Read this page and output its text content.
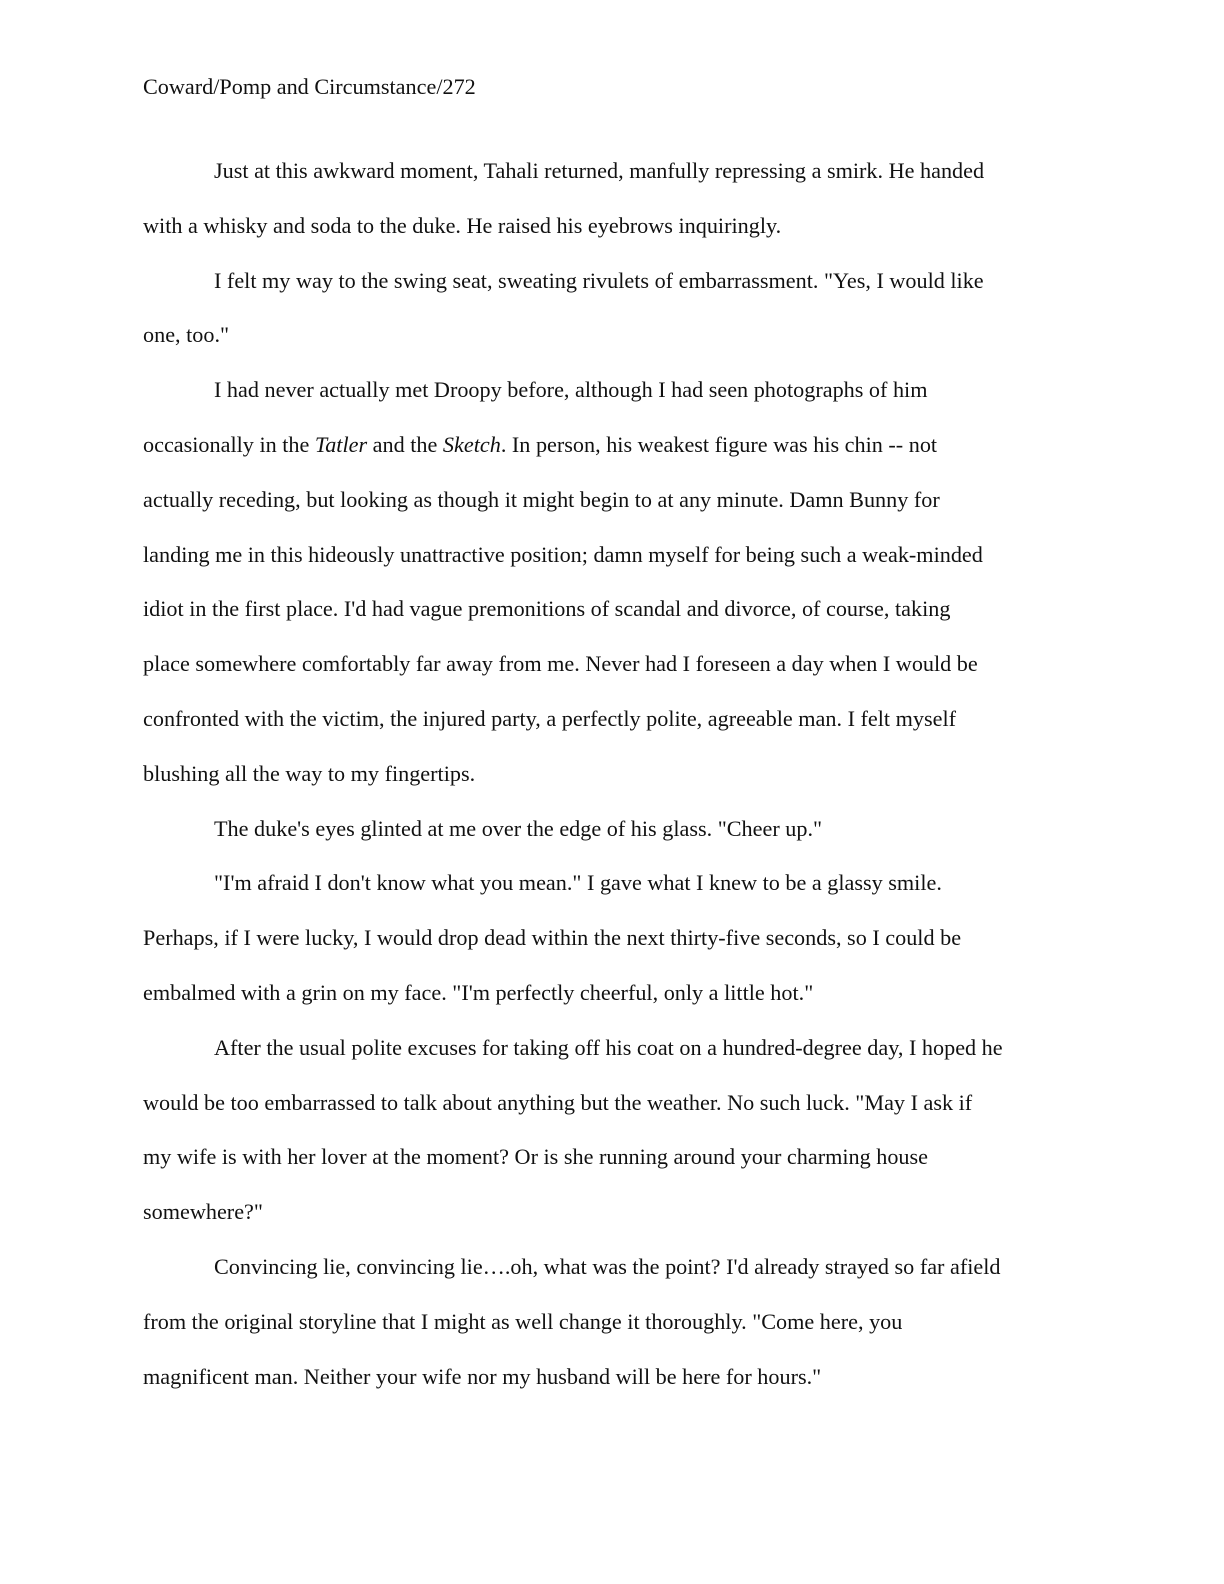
Coward/Pomp and Circumstance/272

Just at this awkward moment, Tahali returned, manfully repressing a smirk. He handed
with a whisky and soda to the duke. He raised his eyebrows inquiringly.

I felt my way to the swing seat, sweating rivulets of embarrassment. "Yes, I would like
one, too."

I had never actually met Droopy before, although I had seen photographs of him
occasionally in the Tatler and the Sketch. In person, his weakest figure was his chin -- not
actually receding, but looking as though it might begin to at any minute. Damn Bunny for
landing me in this hideously unattractive position; damn myself for being such a weak-minded
idiot in the first place. I'd had vague premonitions of scandal and divorce, of course, taking
place somewhere comfortably far away from me. Never had I foreseen a day when I would be
confronted with the victim, the injured party, a perfectly polite, agreeable man. I felt myself
blushing all the way to my fingertips.

The duke's eyes glinted at me over the edge of his glass. "Cheer up."

"I'm afraid I don't know what you mean." I gave what I knew to be a glassy smile.
Perhaps, if I were lucky, I would drop dead within the next thirty-five seconds, so I could be
embalmed with a grin on my face. "I'm perfectly cheerful, only a little hot."

After the usual polite excuses for taking off his coat on a hundred-degree day, I hoped he
would be too embarrassed to talk about anything but the weather. No such luck. "May I ask if
my wife is with her lover at the moment? Or is she running around your charming house
somewhere?"

Convincing lie, convincing lie….oh, what was the point? I'd already strayed so far afield
from the original storyline that I might as well change it thoroughly. "Come here, you
magnificent man. Neither your wife nor my husband will be here for hours."
